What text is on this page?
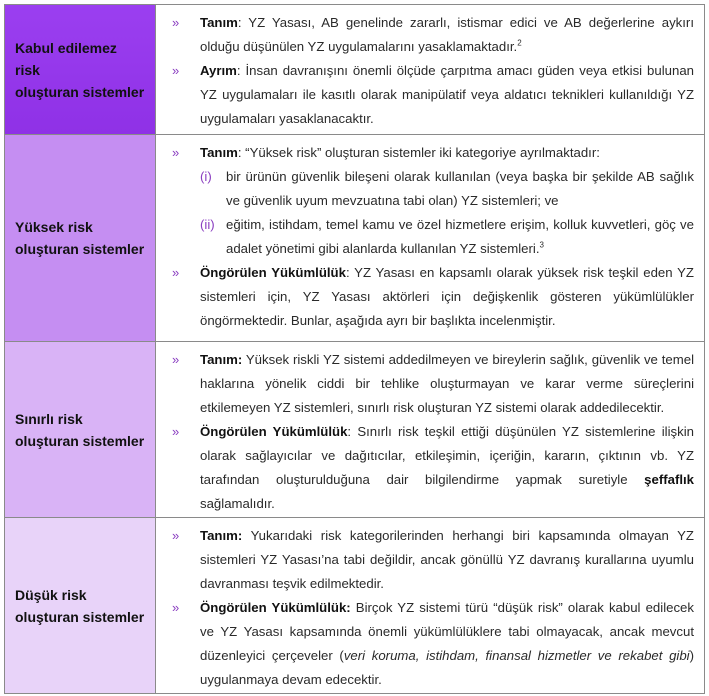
Kabul edilemez risk
oluşturan sistemler
»	Tanım: YZ Yasası, AB genelinde zararlı, istismar edici ve AB değerlerine aykırı olduğu düşünülen YZ uygulamalarını yasaklamaktadır.$^2$
»	Ayrım: İnsan davranışını önemli ölçüde çarpıtma amacı güden veya etkisi bulunan YZ uygulamaları ile kasıtlı olarak manipülatif veya aldatıcı teknikleri kullanıldığı YZ uygulamaları yasaklanacaktır.
Yüksek risk
oluşturan sistemler
»	Tanım: “Yüksek risk” oluşturan sistemler iki kategoriye ayrılmaktadır:
(i)	bir ürünün güvenlik bileşeni olarak kullanılan (veya başka bir şekilde AB sağlık ve güvenlik uyum mevzuatına tabi olan) YZ sistemleri; ve
(ii) eğitim, istihdam, temel kamu ve özel hizmetlere erişim, kolluk kuvvetleri, göç ve adalet yönetimi gibi alanlarda kullanılan YZ sistemleri.$^3$
»	Öngörülen Yükümlülük: YZ Yasası en kapsamlı olarak yüksek risk teşkil eden YZ sistemleri için, YZ Yasası aktörleri için değişkenlik gösteren yükümlülükler öngörmektedir. Bunlar, aşağıda ayrı bir başlıkta incelenmiştir.
Sınırlı risk
oluşturan sistemler
»	Tanım: Yüksek riskli YZ sistemi addedilmeyen ve bireylerin sağlık, güvenlik ve temel haklarına yönelik ciddi bir tehlike oluşturmayan ve karar verme süreçlerini etkilemeyen YZ sistemleri, sınırlı risk oluşturan YZ sistemi olarak addedilecektir.
»	Öngörülen Yükümlülük: Sınırlı risk teşkil ettiği düşünülen YZ sistemlerine ilişkin olarak sağlayıcılar ve dağıtıcılar, etkileşimin, içeriğin, kararın, çıktının vb. YZ tarafından oluşturulduğuna dair bilgilendirme yapmak suretiyle şeffaflık sağlamalıdır.
Düşük risk
oluşturan sistemler
»	Tanım: Yukarıdaki risk kategorilerinden herhangi biri kapsamında olmayan YZ sistemleri YZ Yasası’na tabi değildir, ancak gönüllü YZ davranış kurallarına uyumlu davranması teşvik edilmektedir.
»	Öngörülen Yükümlülük: Birçok YZ sistemi türü “düşük risk” olarak kabul edilecek ve YZ Yasası kapsamında önemli yükümlülüklere tabi olmayacak, ancak mevcut düzenleyici çerçeveler (veri koruma, istihdam, finansal hizmetler ve rekabet gibi) uygulanmaya devam edecektir.
